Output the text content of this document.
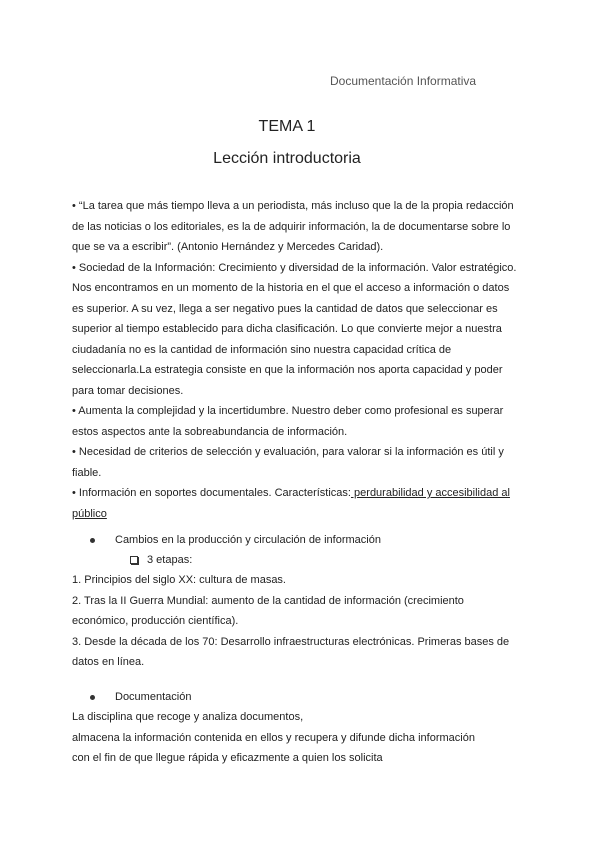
Documentación Informativa
TEMA 1
Lección introductoria

• “La tarea que más tiempo lleva a un periodista, más incluso que la de la propia redacción de las noticias o los editoriales, es la de adquirir información, la de documentarse sobre lo que se va a escribir”. (Antonio Hernández y Mercedes Caridad).

• Sociedad de la Información: Crecimiento y diversidad de la información. Valor estratégico. Nos encontramos en un momento de la historia en el que el acceso a información o datos es superior. A su vez, llega a ser negativo pues la cantidad de datos que seleccionar es superior al tiempo establecido para dicha clasificación. Lo que convierte mejor a nuestra ciudadanía no es la cantidad de información sino nuestra capacidad crítica de seleccionarla.La estrategia consiste en que la información nos aporta capacidad y poder para tomar decisiones.

• Aumenta la complejidad y la incertidumbre. Nuestro deber como profesional es superar estos aspectos ante la sobreabundancia de información.

• Necesidad de criterios de selección y evaluación, para valorar si la información es útil y fiable.

• Información en soportes documentales. Características: perdurabilidad y accesibilidad al público

Cambios en la producción y circulación de información
3 etapas:

1. Principios del siglo XX: cultura de masas.

2. Tras la II Guerra Mundial: aumento de la cantidad de información (crecimiento económico, producción científica).

3. Desde la década de los 70: Desarrollo infraestructuras electrónicas. Primeras bases de datos en línea.

Documentación

La disciplina que recoge y analiza documentos,

almacena la información contenida en ellos y recupera y difunde dicha información

con el fin de que llegue rápida y eficazmente a quien los solicita
